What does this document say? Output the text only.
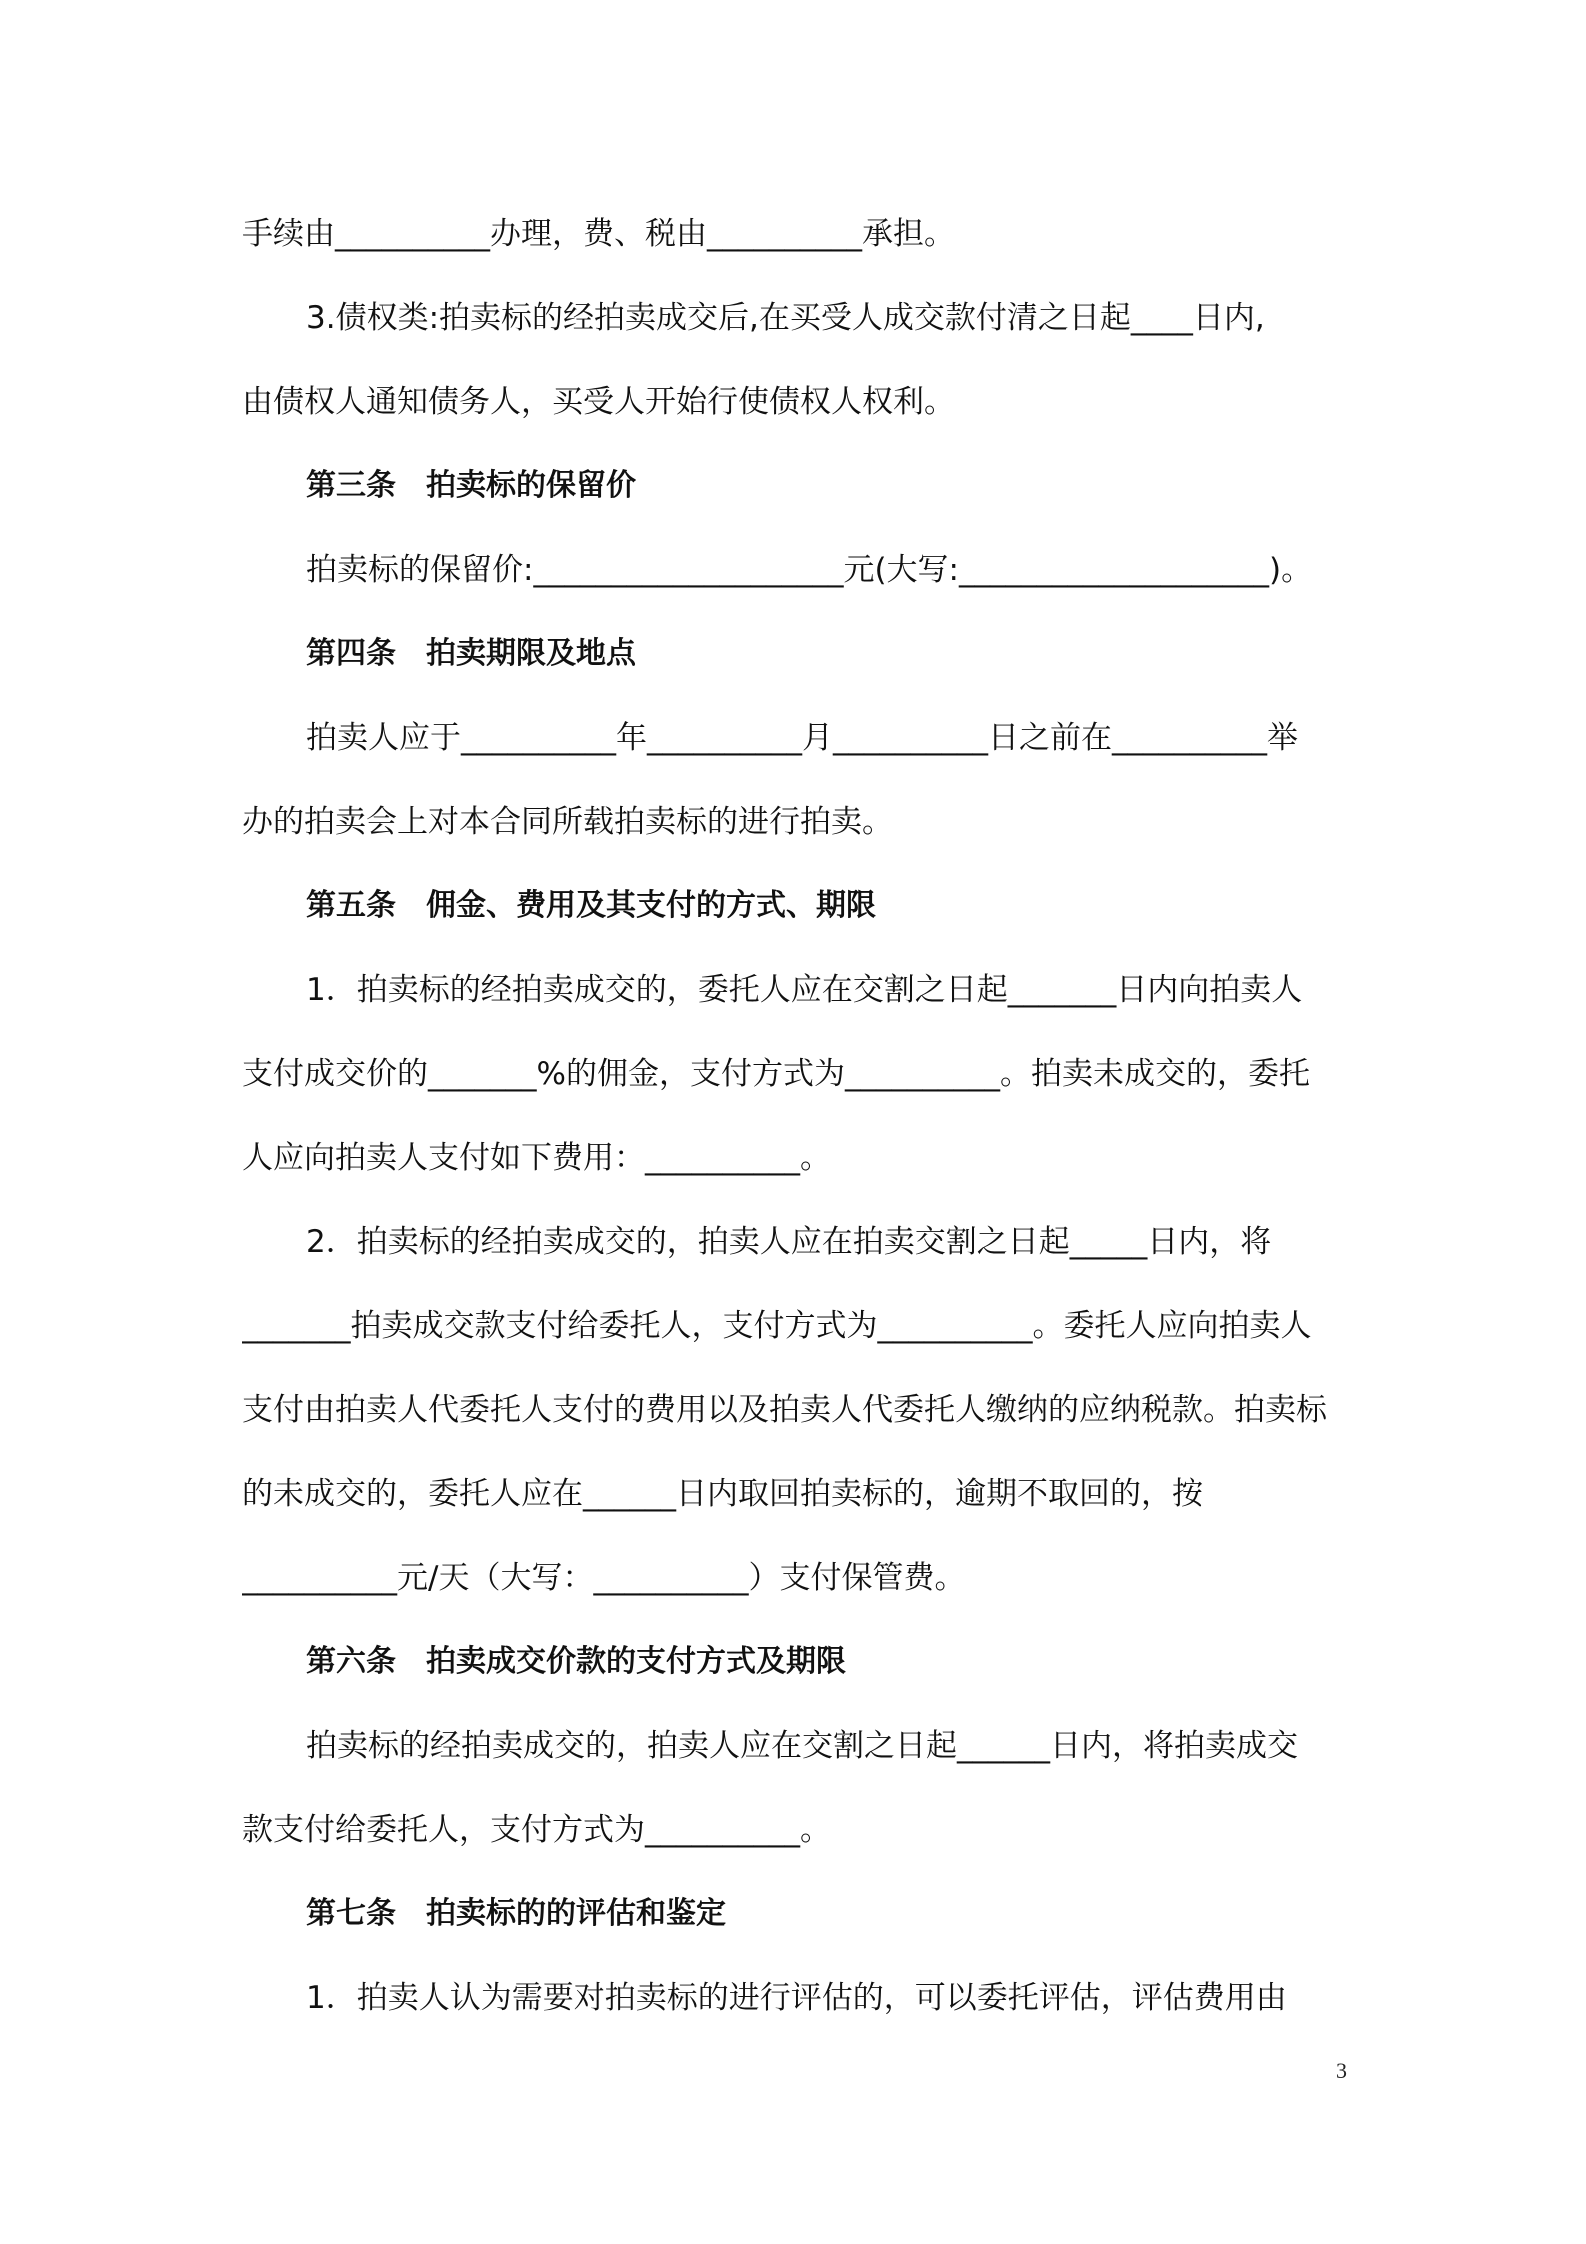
手续由__________办理，费、税由__________承担。
3.债权类:拍卖标的经拍卖成交后,在买受人成交款付清之日起____日内,
由债权人通知债务人，买受人开始行使债权人权利。
第三条　拍卖标的保留价
拍卖标的保留价:____________________元(大写:____________________)。
第四条　拍卖期限及地点
拍卖人应于__________年__________月__________日之前在__________举
办的拍卖会上对本合同所载拍卖标的进行拍卖。
第五条　佣金、费用及其支付的方式、期限
1．拍卖标的经拍卖成交的，委托人应在交割之日起_______日内向拍卖人
支付成交价的_______%的佣金，支付方式为__________。拍卖未成交的，委托
人应向拍卖人支付如下费用：__________。
2．拍卖标的经拍卖成交的，拍卖人应在拍卖交割之日起_____日内，将
_______拍卖成交款支付给委托人，支付方式为__________。委托人应向拍卖人
支付由拍卖人代委托人支付的费用以及拍卖人代委托人缴纳的应纳税款。拍卖标
的未成交的，委托人应在______日内取回拍卖标的，逾期不取回的，按
__________元/天（大写：__________）支付保管费。
第六条　拍卖成交价款的支付方式及期限
拍卖标的经拍卖成交的，拍卖人应在交割之日起______日内，将拍卖成交
款支付给委托人，支付方式为__________。
第七条　拍卖标的的评估和鉴定
1．拍卖人认为需要对拍卖标的进行评估的，可以委托评估，评估费用由
3
